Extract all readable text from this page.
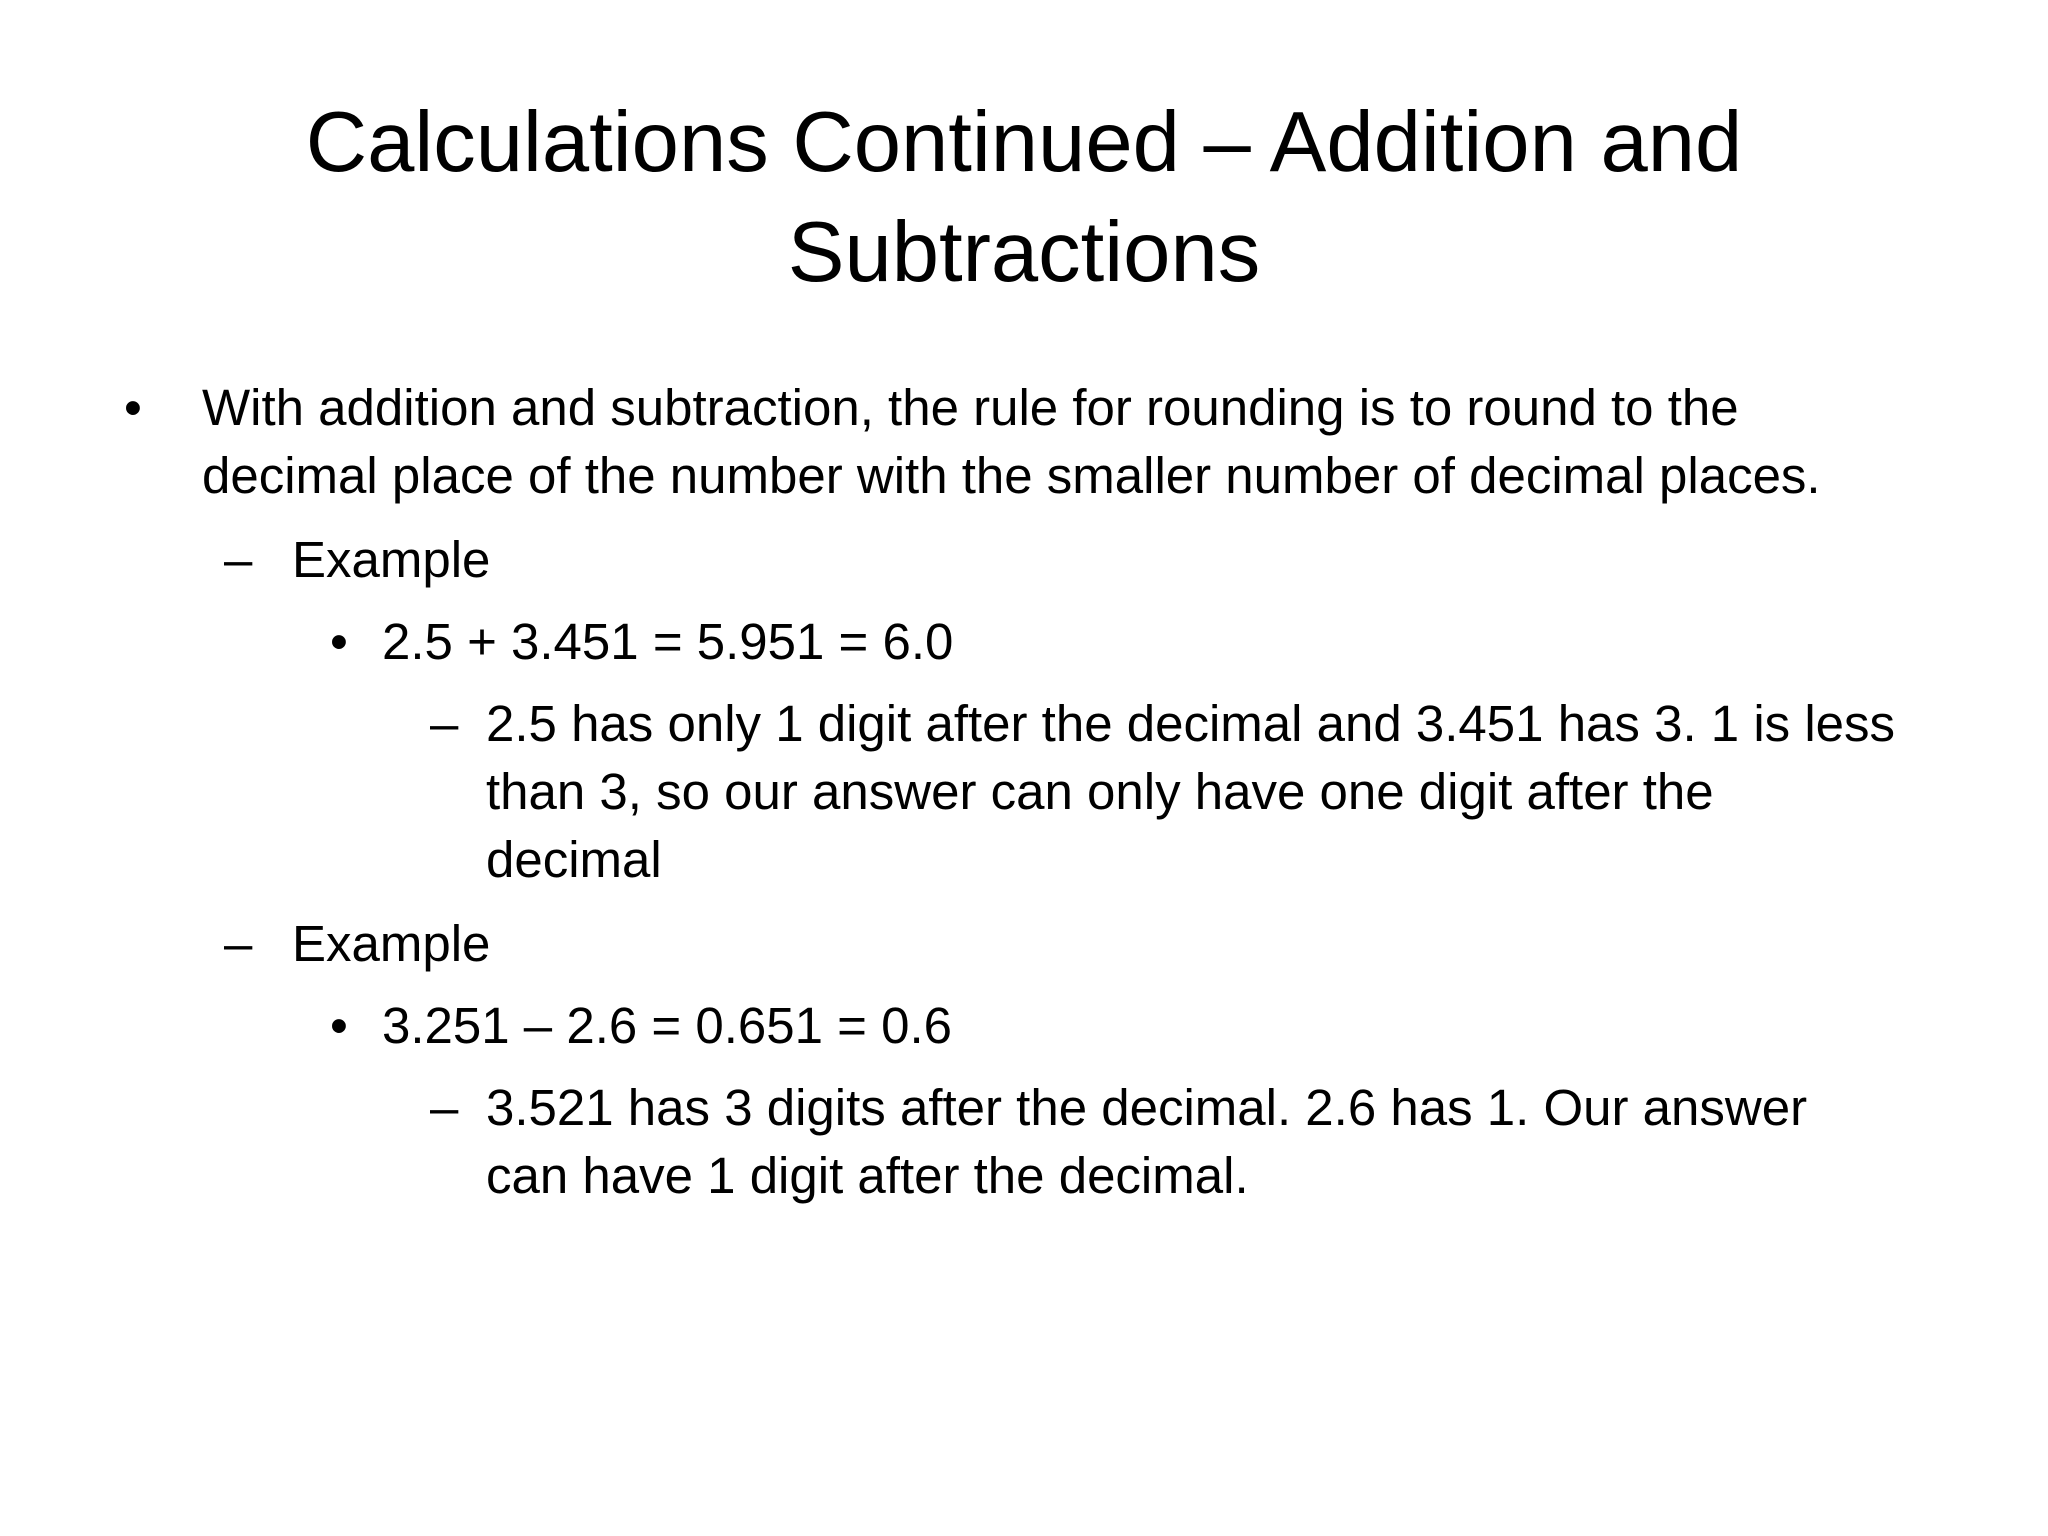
Calculations Continued – Addition and Subtractions
• With addition and subtraction, the rule for rounding is to round to the
decimal place of the number with the smaller number of decimal places.
– Example
• 2.5 + 3.451 = 5.951 = 6.0
– 2.5 has only 1 digit after the decimal and 3.451 has 3. 1 is less
than 3, so our answer can only have one digit after the
decimal
– Example
• 3.251 – 2.6 = 0.651 = 0.6
– 3.521 has 3 digits after the decimal. 2.6 has 1. Our answer
can have 1 digit after the decimal.
